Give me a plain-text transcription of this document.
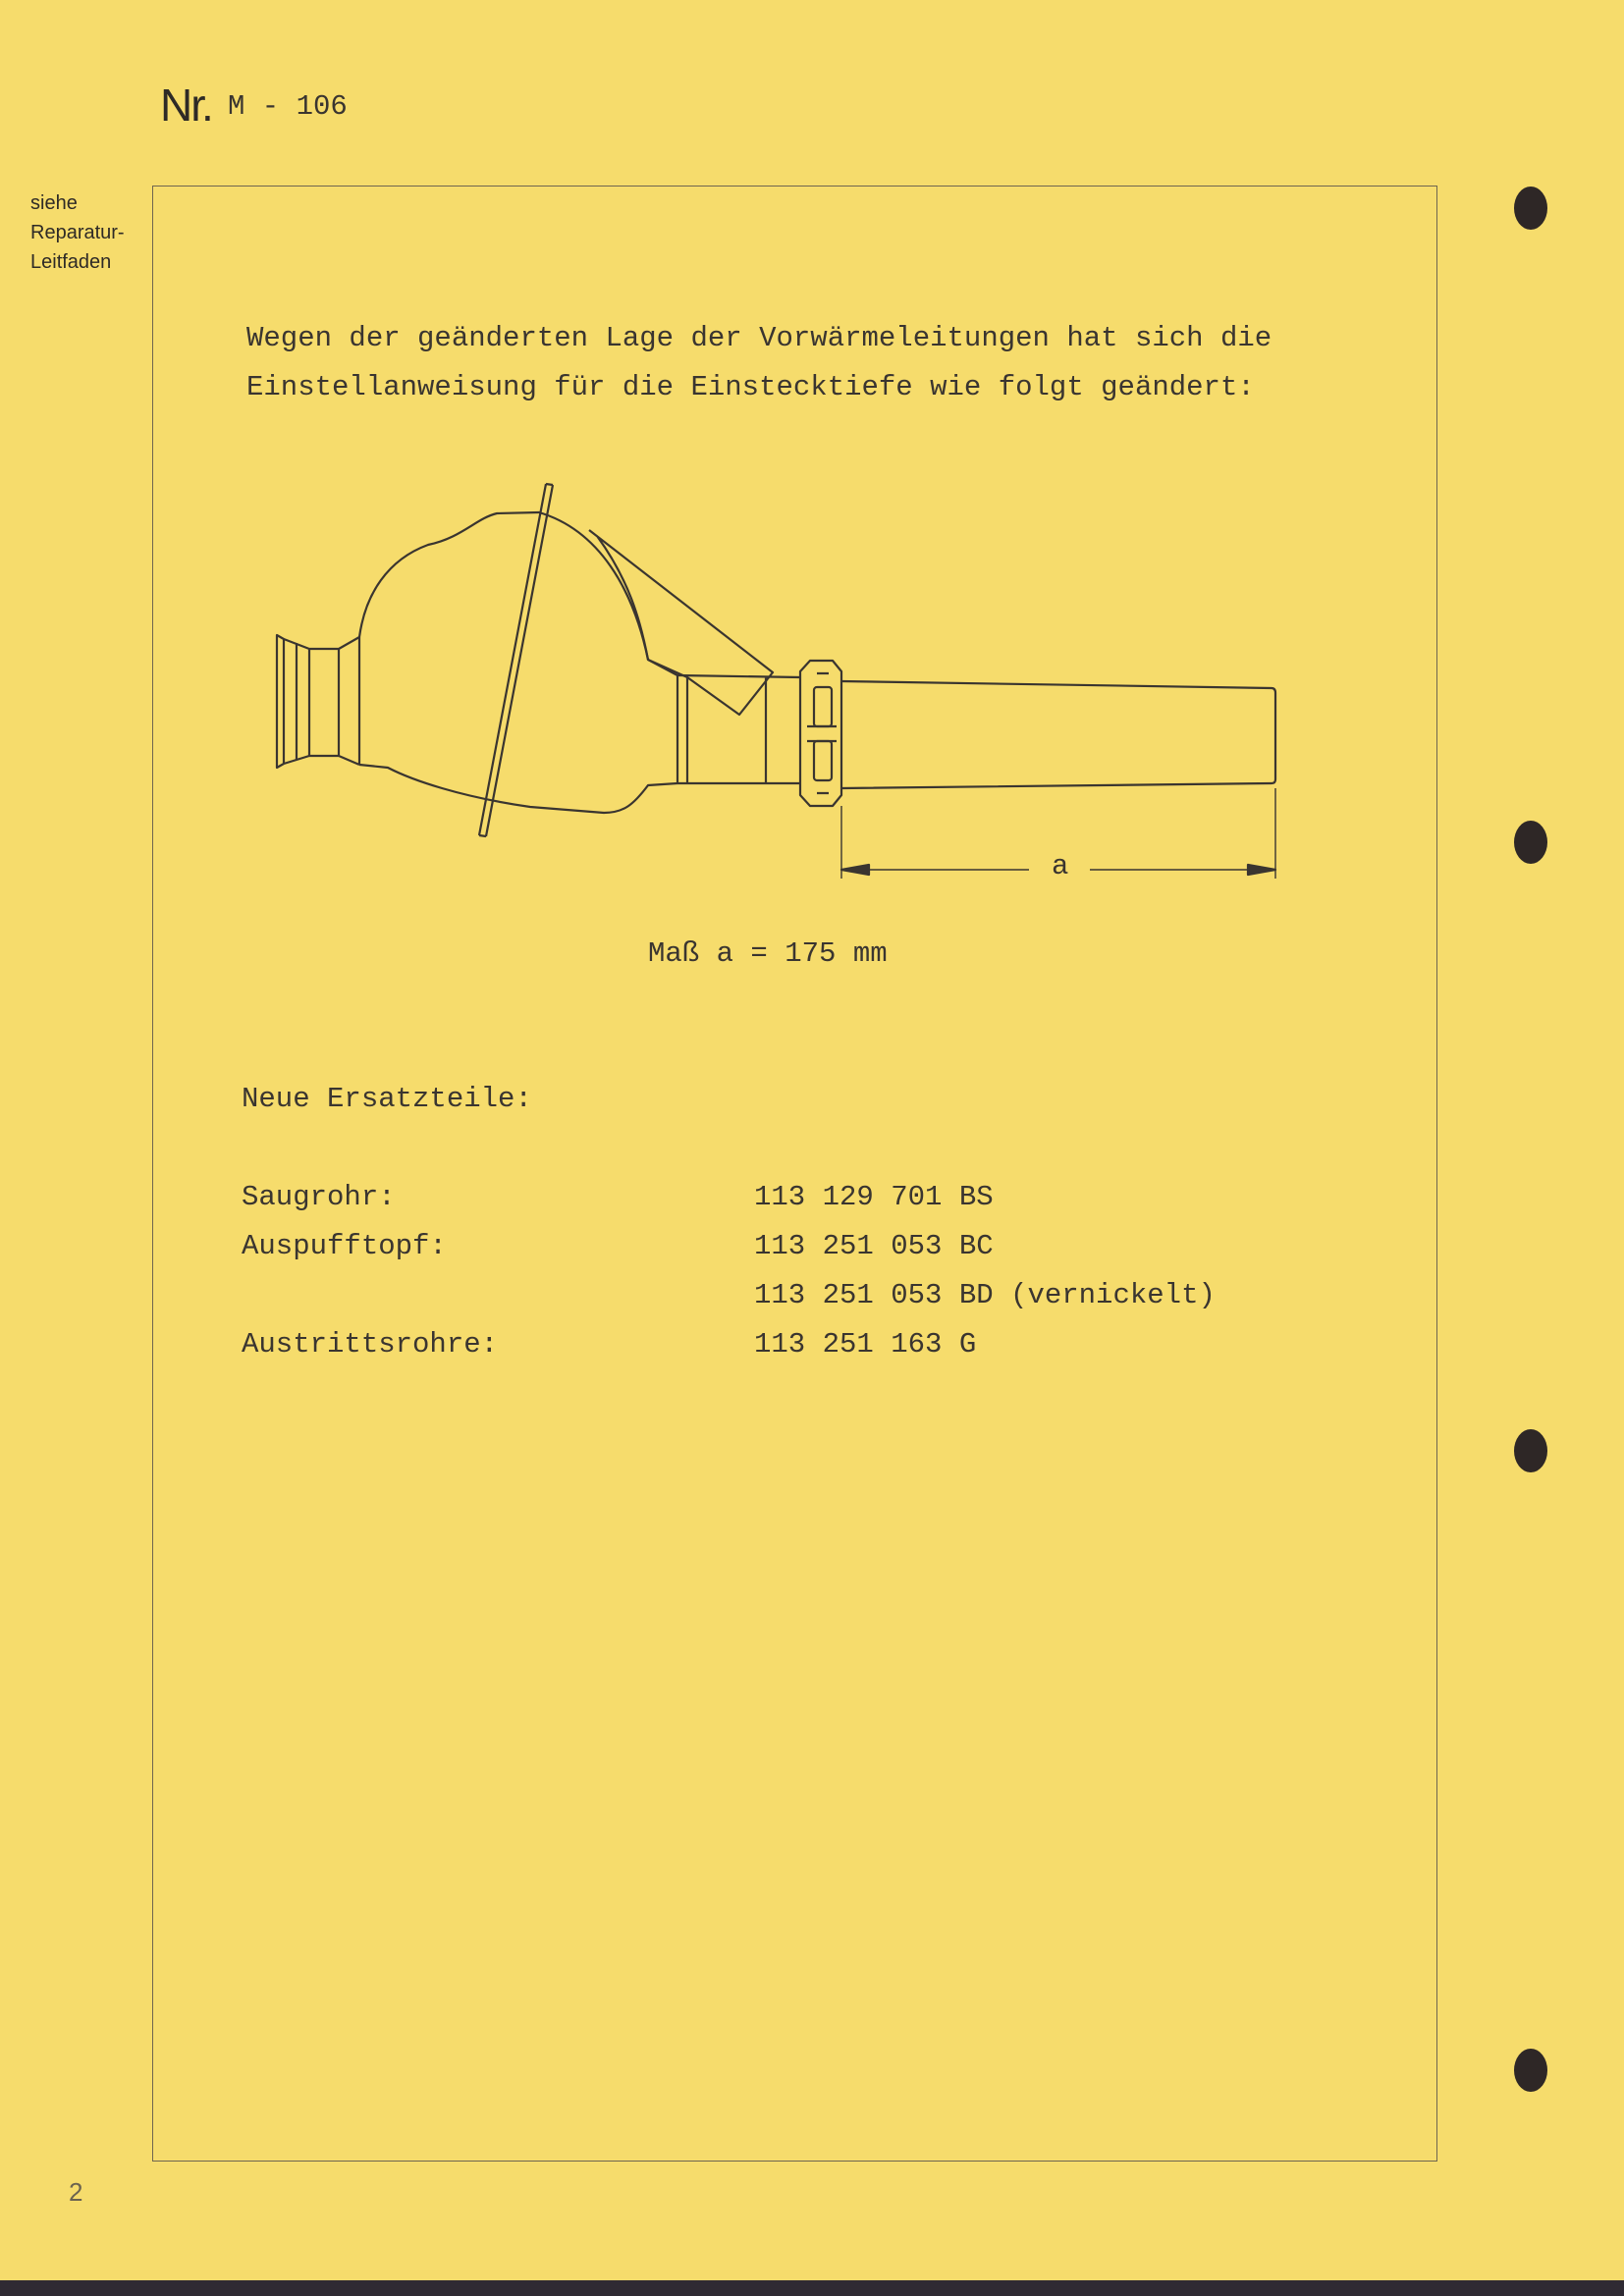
Nr. M - 106
siehe
Reparatur-
Leitfaden
Wegen der geänderten Lage der Vorwärmeleitungen hat sich die
Einstellanweisung für die Einstecktiefe wie folgt geändert:
a
Maß a = 175 mm
Neue Ersatzteile:
Saugrohr:	113 129 701 BS
Auspufftopf:	113 251 053 BC
113 251 053 BD (vernickelt)
Austrittsrohre:	113 251 163 G
2
